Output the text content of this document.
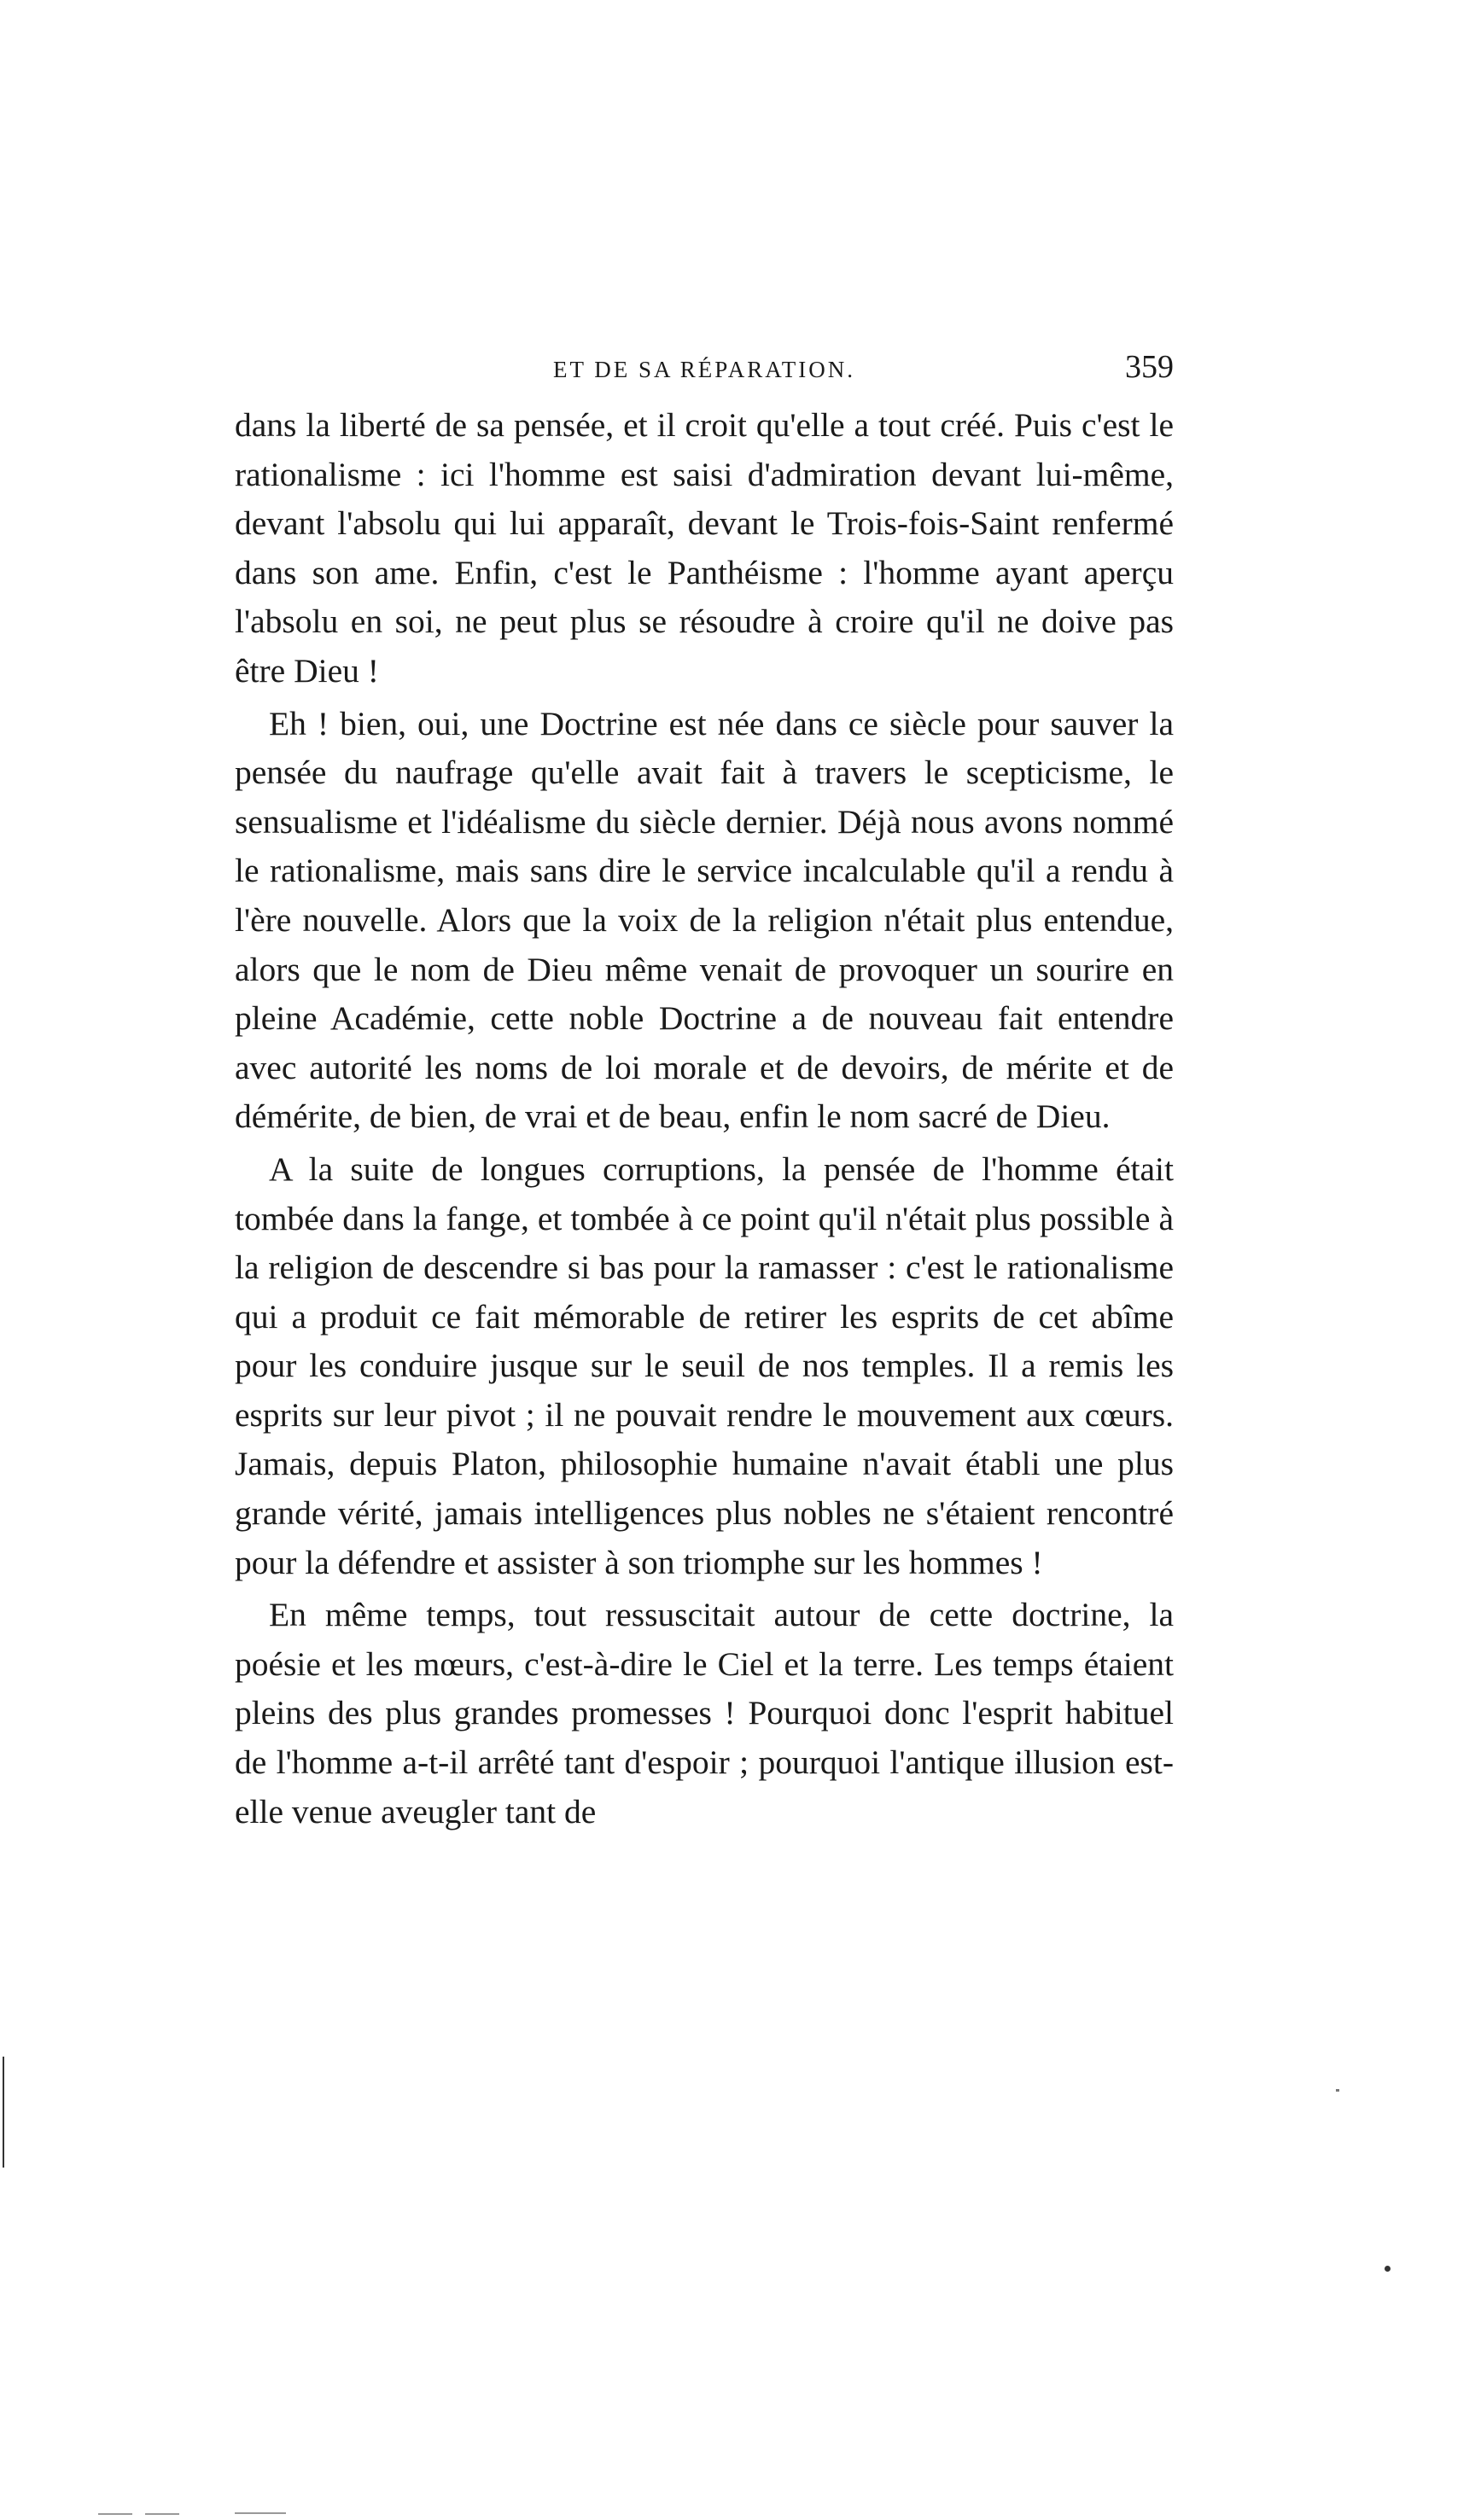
ET DE SA RÉPARATION.	359

dans la liberté de sa pensée, et il croit qu'elle a tout créé. Puis c'est le rationalisme : ici l'homme est saisi d'admiration devant lui-même, devant l'absolu qui lui apparaît, devant le Trois-fois-Saint renfermé dans son ame. Enfin, c'est le Panthéisme : l'homme ayant aperçu l'absolu en soi, ne peut plus se résoudre à croire qu'il ne doive pas être Dieu !

Eh ! bien, oui, une Doctrine est née dans ce siècle pour sauver la pensée du naufrage qu'elle avait fait à travers le scepticisme, le sensualisme et l'idéalisme du siècle dernier. Déjà nous avons nommé le rationalisme, mais sans dire le service incalculable qu'il a rendu à l'ère nouvelle. Alors que la voix de la religion n'était plus entendue, alors que le nom de Dieu même venait de provoquer un sourire en pleine Académie, cette noble Doctrine a de nouveau fait entendre avec autorité les noms de loi morale et de devoirs, de mérite et de démérite, de bien, de vrai et de beau, enfin le nom sacré de Dieu.

A la suite de longues corruptions, la pensée de l'homme était tombée dans la fange, et tombée à ce point qu'il n'était plus possible à la religion de descendre si bas pour la ramasser : c'est le rationalisme qui a produit ce fait mémorable de retirer les esprits de cet abîme pour les conduire jusque sur le seuil de nos temples. Il a remis les esprits sur leur pivot ; il ne pouvait rendre le mouvement aux cœurs. Jamais, depuis Platon, philosophie humaine n'avait établi une plus grande vérité, jamais intelligences plus nobles ne s'étaient rencontré pour la défendre et assister à son triomphe sur les hommes !

En même temps, tout ressuscitait autour de cette doctrine, la poésie et les mœurs, c'est-à-dire le Ciel et la terre. Les temps étaient pleins des plus grandes promesses ! Pourquoi donc l'esprit habituel de l'homme a-t-il arrêté tant d'espoir ; pourquoi l'antique illusion est-elle venue aveugler tant de
